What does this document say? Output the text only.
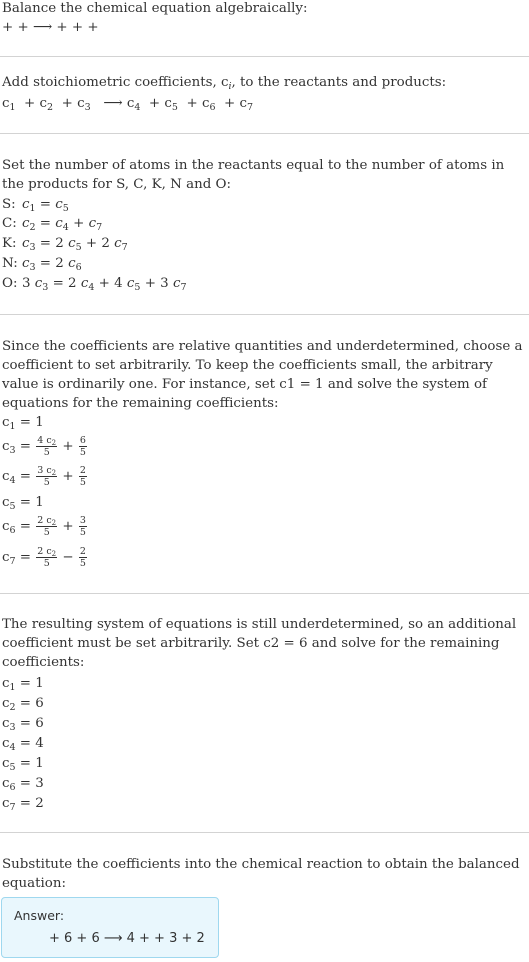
Balance the chemical equation algebraically:
+ + ⟶ + + +
Add stoichiometric coefficients, $c_i$, to the reactants and products:
$c_1 + c_2 + c_3$   ⟶ $c_4 + c_5 + c_6 + c_7$
Set the number of atoms in the reactants equal to the number of atoms in the products for S, C, K, N and O:
S: $c_1 = c_5$
C: $c_2 = c_4 + c_7$
K: $c_3 = 2$ $c_5 + 2$ $c_7$
N: $c_3 = 2$ $c_6$
O: 3 $c_3 = 2$ $c_4 + 4$ $c_5 + 3$ $c_7$
Since the coefficients are relative quantities and underdetermined, choose a coefficient to set arbitrarily. To keep the coefficients small, the arbitrary value is ordinarily one. For instance, set c1 = 1 and solve the system of equations for the remaining coefficients:
$c_1 = 1$
$c_3 = \frac{4 c_2}{5} + \frac{6}{5}$
$c_4 = \frac{3 c_2}{5} + \frac{2}{5}$
$c_5 = 1$
$c_6 = \frac{2 c_2}{5} + \frac{3}{5}$
$c_7 = \frac{2 c_2}{5} - \frac{2}{5}$
The resulting system of equations is still underdetermined, so an additional coefficient must be set arbitrarily. Set c2 = 6 and solve for the remaining coefficients:
$c_1 = 1$
$c_2 = 6$
$c_3 = 6$
$c_4 = 4$
$c_5 = 1$
$c_6 = 3$
$c_7 = 2$
Substitute the coefficients into the chemical reaction to obtain the balanced equation:
Answer:
+ 6 + 6 ⟶ 4 + + 3 + 2
